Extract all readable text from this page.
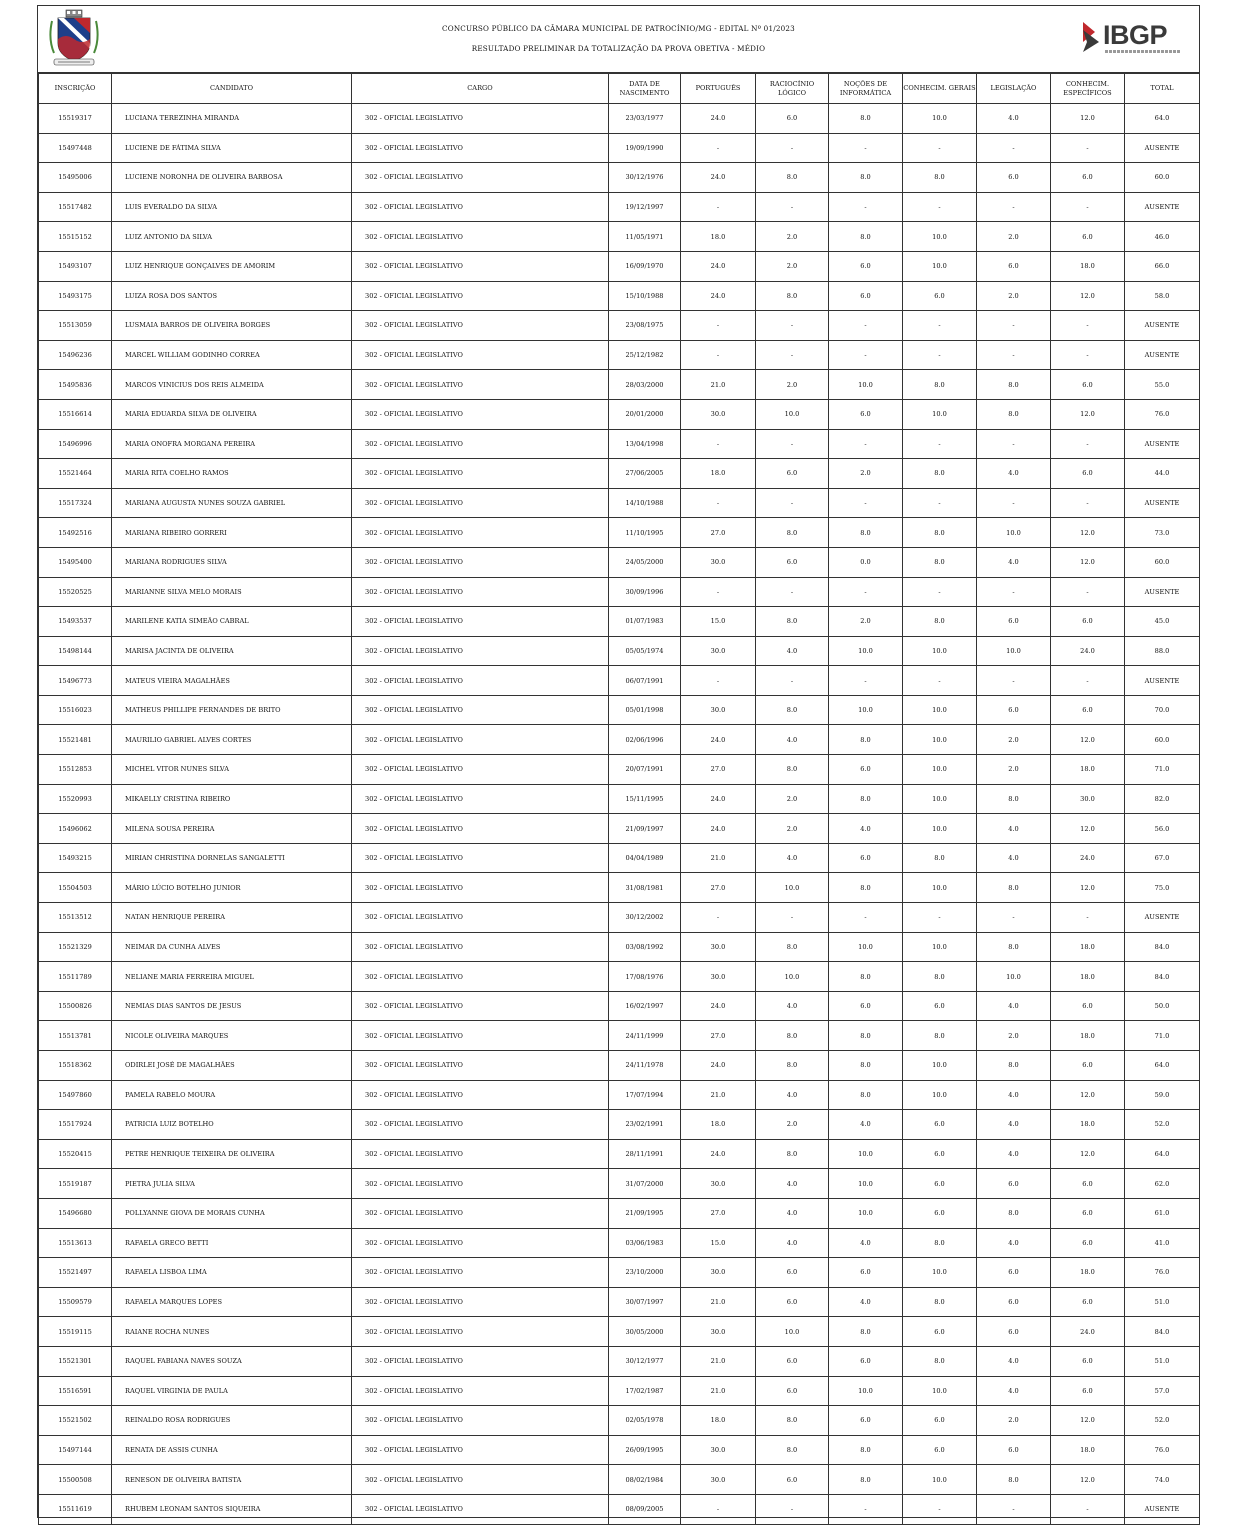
CONCURSO PÚBLICO DA CÂMARA MUNICIPAL DE PATROCÍNIO/MG - EDITAL Nº 01/2023
RESULTADO PRELIMINAR DA TOTALIZAÇÃO DA PROVA OBETIVA - MÉDIO	IBGP
INSCRIÇÃO	CANDIDATO	CARGO	DATA DE NASCIMENTO	PORTUGUÊS	RACIOCÍNIO LÓGICO	NOÇÕES DE INFORMÁTICA	CONHECIM. GERAIS	LEGISLAÇÃO	CONHECIM. ESPECÍFICOS	TOTAL
15519317	LUCIANA TEREZINHA MIRANDA	302 - OFICIAL LEGISLATIVO	23/03/1977	24.0	6.0	8.0	10.0	4.0	12.0	64.0
15497448	LUCIENE DE FÁTIMA SILVA	302 - OFICIAL LEGISLATIVO	19/09/1990	-	-	-	-	-	-	AUSENTE
15495006	LUCIENE NORONHA DE OLIVEIRA BARBOSA	302 - OFICIAL LEGISLATIVO	30/12/1976	24.0	8.0	8.0	8.0	6.0	6.0	60.0
15517482	LUIS EVERALDO DA SILVA	302 - OFICIAL LEGISLATIVO	19/12/1997	-	-	-	-	-	-	AUSENTE
15515152	LUIZ ANTONIO DA SILVA	302 - OFICIAL LEGISLATIVO	11/05/1971	18.0	2.0	8.0	10.0	2.0	6.0	46.0
15493107	LUIZ HENRIQUE GONÇALVES DE AMORIM	302 - OFICIAL LEGISLATIVO	16/09/1970	24.0	2.0	6.0	10.0	6.0	18.0	66.0
15493175	LUIZA ROSA DOS SANTOS	302 - OFICIAL LEGISLATIVO	15/10/1988	24.0	8.0	6.0	6.0	2.0	12.0	58.0
15513059	LUSMAIA BARROS DE OLIVEIRA BORGES	302 - OFICIAL LEGISLATIVO	23/08/1975	-	-	-	-	-	-	AUSENTE
15496236	MARCEL WILLIAM GODINHO CORREA	302 - OFICIAL LEGISLATIVO	25/12/1982	-	-	-	-	-	-	AUSENTE
15495836	MARCOS VINICIUS DOS REIS ALMEIDA	302 - OFICIAL LEGISLATIVO	28/03/2000	21.0	2.0	10.0	8.0	8.0	6.0	55.0
15516614	MARIA EDUARDA SILVA DE OLIVEIRA	302 - OFICIAL LEGISLATIVO	20/01/2000	30.0	10.0	6.0	10.0	8.0	12.0	76.0
15496996	MARIA ONOFRA MORGANA PEREIRA	302 - OFICIAL LEGISLATIVO	13/04/1998	-	-	-	-	-	-	AUSENTE
15521464	MARIA RITA COELHO RAMOS	302 - OFICIAL LEGISLATIVO	27/06/2005	18.0	6.0	2.0	8.0	4.0	6.0	44.0
15517324	MARIANA AUGUSTA NUNES SOUZA GABRIEL	302 - OFICIAL LEGISLATIVO	14/10/1988	-	-	-	-	-	-	AUSENTE
15492516	MARIANA RIBEIRO GORRERI	302 - OFICIAL LEGISLATIVO	11/10/1995	27.0	8.0	8.0	8.0	10.0	12.0	73.0
15495400	MARIANA RODRIGUES SILVA	302 - OFICIAL LEGISLATIVO	24/05/2000	30.0	6.0	0.0	8.0	4.0	12.0	60.0
15520525	MARIANNE SILVA MELO MORAIS	302 - OFICIAL LEGISLATIVO	30/09/1996	-	-	-	-	-	-	AUSENTE
15493537	MARILENE KATIA SIMEÃO CABRAL	302 - OFICIAL LEGISLATIVO	01/07/1983	15.0	8.0	2.0	8.0	6.0	6.0	45.0
15498144	MARISA JACINTA DE OLIVEIRA	302 - OFICIAL LEGISLATIVO	05/05/1974	30.0	4.0	10.0	10.0	10.0	24.0	88.0
15496773	MATEUS VIEIRA MAGALHÃES	302 - OFICIAL LEGISLATIVO	06/07/1991	-	-	-	-	-	-	AUSENTE
15516023	MATHEUS PHILLIPE FERNANDES DE BRITO	302 - OFICIAL LEGISLATIVO	05/01/1998	30.0	8.0	10.0	10.0	6.0	6.0	70.0
15521481	MAURILIO GABRIEL ALVES CORTES	302 - OFICIAL LEGISLATIVO	02/06/1996	24.0	4.0	8.0	10.0	2.0	12.0	60.0
15512853	MICHEL VITOR NUNES SILVA	302 - OFICIAL LEGISLATIVO	20/07/1991	27.0	8.0	6.0	10.0	2.0	18.0	71.0
15520993	MIKAELLY CRISTINA RIBEIRO	302 - OFICIAL LEGISLATIVO	15/11/1995	24.0	2.0	8.0	10.0	8.0	30.0	82.0
15496062	MILENA SOUSA PEREIRA	302 - OFICIAL LEGISLATIVO	21/09/1997	24.0	2.0	4.0	10.0	4.0	12.0	56.0
15493215	MIRIAN CHRISTINA DORNELAS SANGALETTI	302 - OFICIAL LEGISLATIVO	04/04/1989	21.0	4.0	6.0	8.0	4.0	24.0	67.0
15504503	MÁRIO LÚCIO BOTELHO JUNIOR	302 - OFICIAL LEGISLATIVO	31/08/1981	27.0	10.0	8.0	10.0	8.0	12.0	75.0
15513512	NATAN HENRIQUE PEREIRA	302 - OFICIAL LEGISLATIVO	30/12/2002	-	-	-	-	-	-	AUSENTE
15521329	NEIMAR DA CUNHA ALVES	302 - OFICIAL LEGISLATIVO	03/08/1992	30.0	8.0	10.0	10.0	8.0	18.0	84.0
15511789	NELIANE MARIA FERREIRA MIGUEL	302 - OFICIAL LEGISLATIVO	17/08/1976	30.0	10.0	8.0	8.0	10.0	18.0	84.0
15500826	NEMIAS DIAS SANTOS DE JESUS	302 - OFICIAL LEGISLATIVO	16/02/1997	24.0	4.0	6.0	6.0	4.0	6.0	50.0
15513781	NICOLE OLIVEIRA MARQUES	302 - OFICIAL LEGISLATIVO	24/11/1999	27.0	8.0	8.0	8.0	2.0	18.0	71.0
15518362	ODIRLEI JOSÉ DE MAGALHÃES	302 - OFICIAL LEGISLATIVO	24/11/1978	24.0	8.0	8.0	10.0	8.0	6.0	64.0
15497860	PAMELA RABELO MOURA	302 - OFICIAL LEGISLATIVO	17/07/1994	21.0	4.0	8.0	10.0	4.0	12.0	59.0
15517924	PATRICIA LUIZ BOTELHO	302 - OFICIAL LEGISLATIVO	23/02/1991	18.0	2.0	4.0	6.0	4.0	18.0	52.0
15520415	PETRE HENRIQUE TEIXEIRA DE OLIVEIRA	302 - OFICIAL LEGISLATIVO	28/11/1991	24.0	8.0	10.0	6.0	4.0	12.0	64.0
15519187	PIETRA JULIA SILVA	302 - OFICIAL LEGISLATIVO	31/07/2000	30.0	4.0	10.0	6.0	6.0	6.0	62.0
15496680	POLLYANNE GIOVA DE MORAIS CUNHA	302 - OFICIAL LEGISLATIVO	21/09/1995	27.0	4.0	10.0	6.0	8.0	6.0	61.0
15513613	RAFAELA GRECO BETTI	302 - OFICIAL LEGISLATIVO	03/06/1983	15.0	4.0	4.0	8.0	4.0	6.0	41.0
15521497	RAFAELA LISBOA LIMA	302 - OFICIAL LEGISLATIVO	23/10/2000	30.0	6.0	6.0	10.0	6.0	18.0	76.0
15509579	RAFAELA MARQUES LOPES	302 - OFICIAL LEGISLATIVO	30/07/1997	21.0	6.0	4.0	8.0	6.0	6.0	51.0
15519115	RAIANE ROCHA NUNES	302 - OFICIAL LEGISLATIVO	30/05/2000	30.0	10.0	8.0	6.0	6.0	24.0	84.0
15521301	RAQUEL FABIANA NAVES SOUZA	302 - OFICIAL LEGISLATIVO	30/12/1977	21.0	6.0	6.0	8.0	4.0	6.0	51.0
15516591	RAQUEL VIRGINIA DE PAULA	302 - OFICIAL LEGISLATIVO	17/02/1987	21.0	6.0	10.0	10.0	4.0	6.0	57.0
15521502	REINALDO ROSA RODRIGUES	302 - OFICIAL LEGISLATIVO	02/05/1978	18.0	8.0	6.0	6.0	2.0	12.0	52.0
15497144	RENATA DE ASSIS CUNHA	302 - OFICIAL LEGISLATIVO	26/09/1995	30.0	8.0	8.0	6.0	6.0	18.0	76.0
15500508	RENESON DE OLIVEIRA BATISTA	302 - OFICIAL LEGISLATIVO	08/02/1984	30.0	6.0	8.0	10.0	8.0	12.0	74.0
15511619	RHUBEM LEONAM SANTOS SIQUEIRA	302 - OFICIAL LEGISLATIVO	08/09/2005	-	-	-	-	-	-	AUSENTE
